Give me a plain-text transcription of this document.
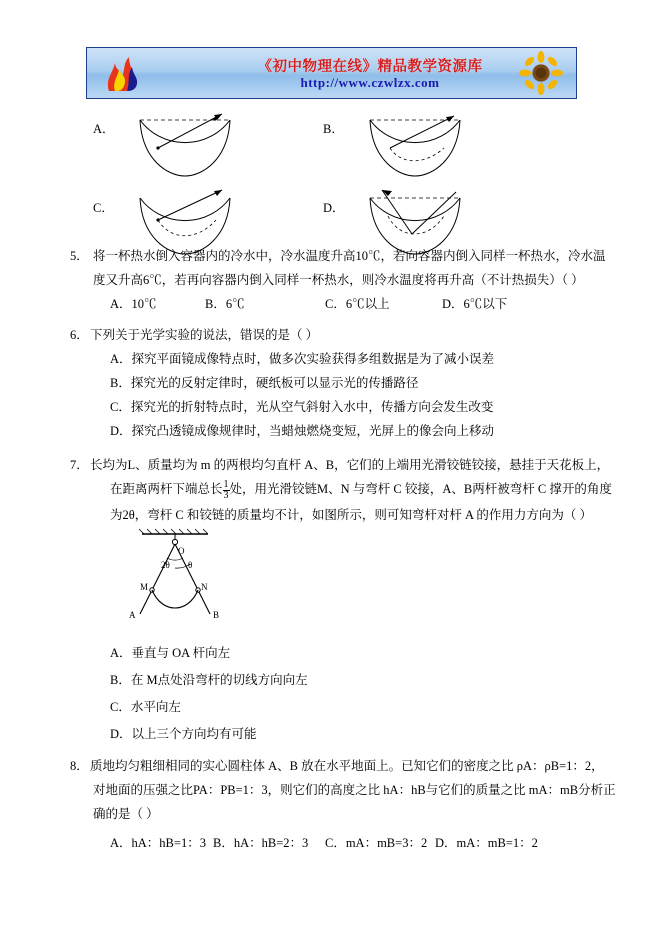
《初中物理在线》精品教学资源库
http://www.czwlzx.com
A．	B．
C．	D．
5． 将一杯热水倒入容器内的冷水中，冷水温度升高10℃，若向容器内倒入同样一杯热水，冷水温
度又升高6℃，若再向容器内倒入同样一杯热水，则冷水温度将再升高（不计热损失）（ ）
A．10℃	B．6℃	C．6℃以上	D．6℃以下
6． 下列关于光学实验的说法，错误的是（ ）
A．探究平面镜成像特点时，做多次实验获得多组数据是为了减小误差
B．探究光的反射定律时，硬纸板可以显示光的传播路径
C．探究光的折射特点时，光从空气斜射入水中，传播方向会发生改变
D．探究凸透镜成像规律时，当蜡烛燃烧变短，光屏上的像会向上移动
7． 长均为L、质量均为 m 的两根均匀直杆 A、B，它们的上端用光滑铰链铰接，悬挂于天花板上，
在距离两杆下端总长 $\frac{1}{3}$ 处，用光滑铰链M、N 与弯杆 C 铰接，A、B两杆被弯杆 C 撑开的角度
为2θ，弯杆 C 和铰链的质量均不计，如图所示，则可知弯杆对杆 A 的作用力方向为（ ）
O
2θ θ
M	N
A	B
A．垂直与 OA 杆向左
B．在 M点处沿弯杆的切线方向向左
C．水平向左
D．以上三个方向均有可能
8． 质地均匀粗细相同的实心圆柱体 A、B 放在水平地面上。已知它们的密度之比 ρA：ρB=1：2，
对地面的压强之比PA：PB=1：3，则它们的高度之比 hA：hB与它们的质量之比 mA：mB分析正
确的是（ ）
A．hA：hB=1：3 B．hA：hB=2：3 C．mA：mB=3：2 D．mA：mB=1：2
